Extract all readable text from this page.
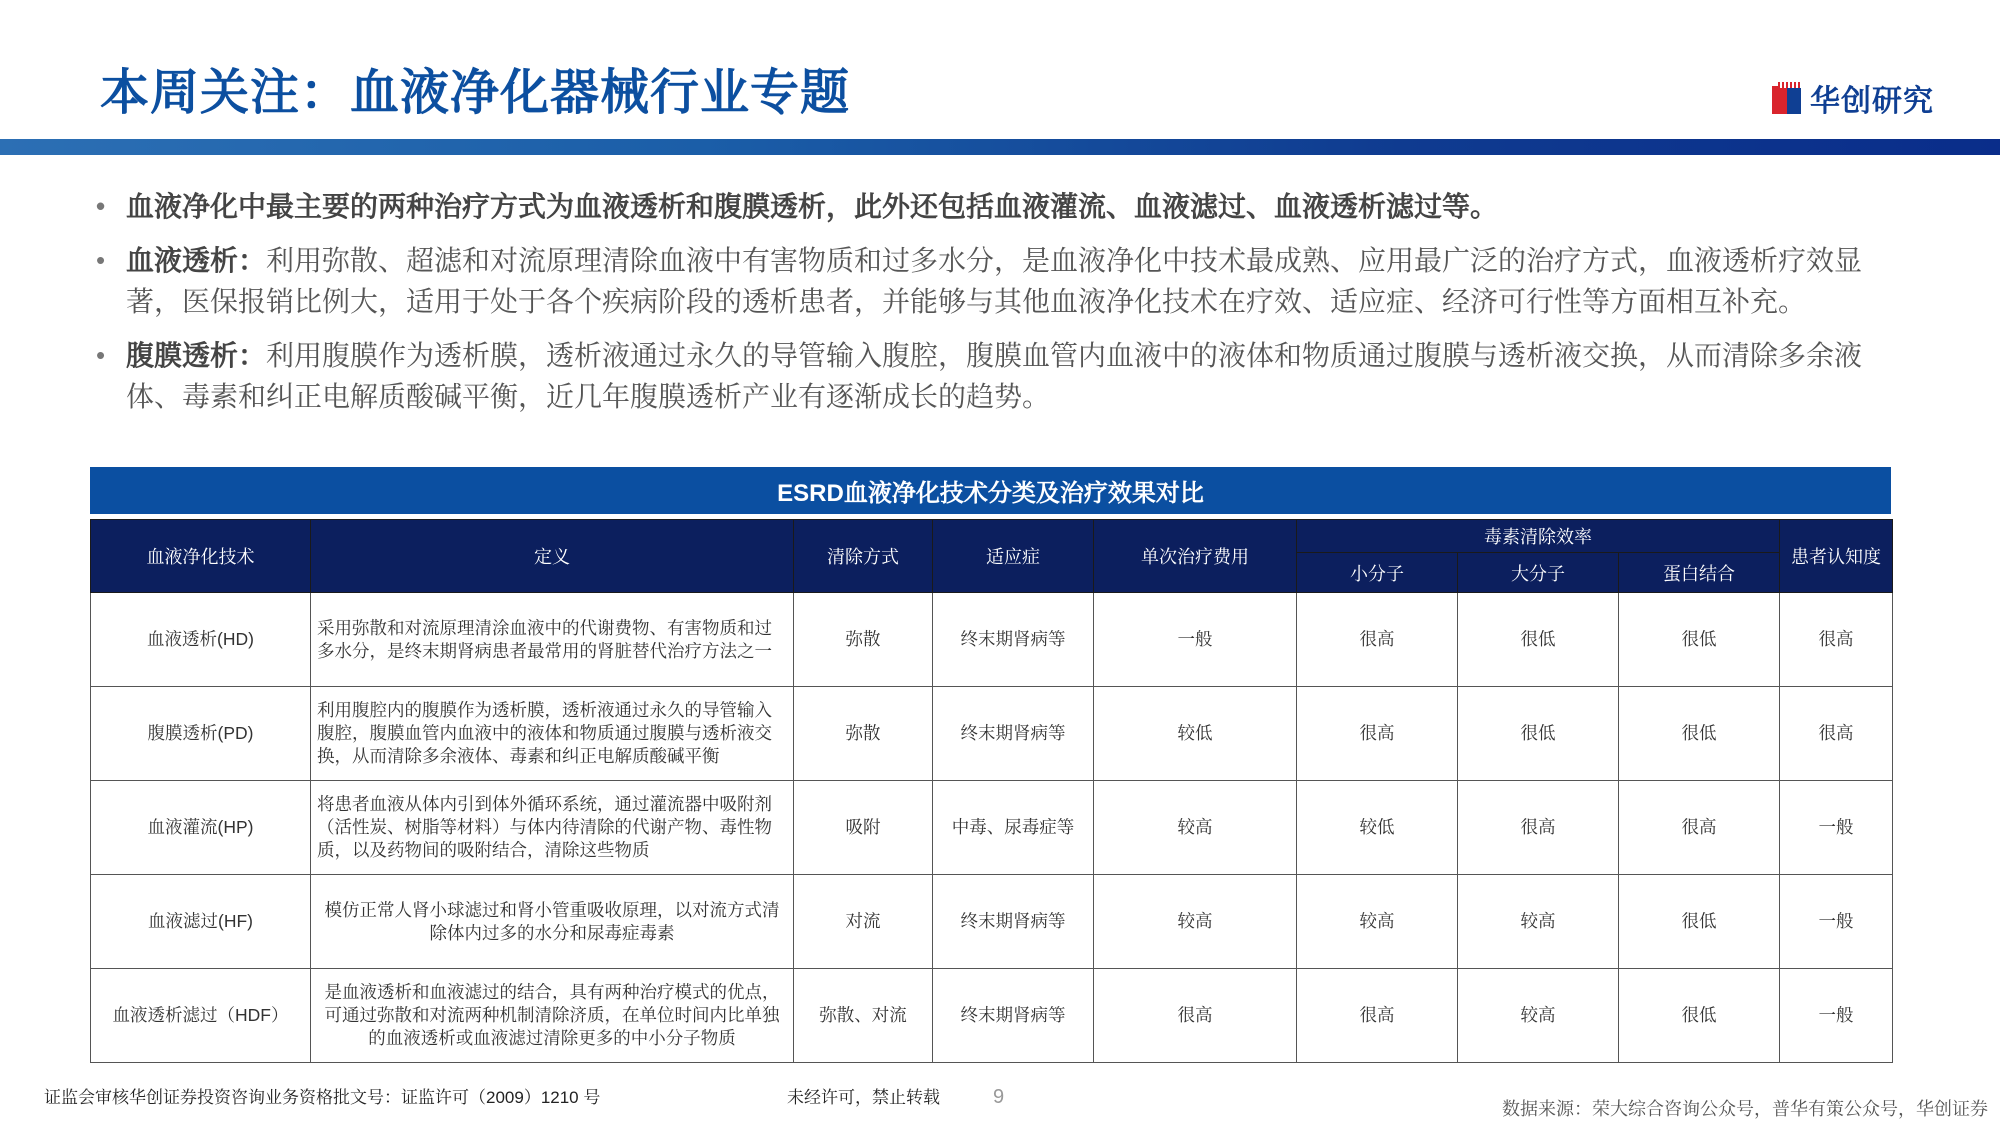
本周关注：血液净化器械行业专题	华创研究
• 血液净化中最主要的两种治疗方式为血液透析和腹膜透析，此外还包括血液灌流、血液滤过、血液透析滤过等。
• 血液透析：利用弥散、超滤和对流原理清除血液中有害物质和过多水分，是血液净化中技术最成熟、应用最广泛的治疗方式，血液透析疗效显著，医保报销比例大，适用于处于各个疾病阶段的透析患者，并能够与其他血液净化技术在疗效、适应症、经济可行性等方面相互补充。
• 腹膜透析：利用腹膜作为透析膜，透析液通过永久的导管输入腹腔，腹膜血管内血液中的液体和物质通过腹膜与透析液交换，从而清除多余液体、毒素和纠正电解质酸碱平衡，近几年腹膜透析产业有逐渐成长的趋势。
ESRD血液净化技术分类及治疗效果对比
血液净化技术	定义	清除方式	适应症	单次治疗费用	毒素清除效率			患者认知度
					小分子	大分子	蛋白结合	
血液透析(HD)	采用弥散和对流原理清涂血液中的代谢费物、有害物质和过多水分，是终末期肾病患者最常用的肾脏替代治疗方法之一	弥散	终末期肾病等	一般	很高	很低	很低	很高
腹膜透析(PD)	利用腹腔内的腹膜作为透析膜，透析液通过永久的导管输入腹腔，腹膜血管内血液中的液体和物质通过腹膜与透析液交换，从而清除多余液体、毒素和纠正电解质酸碱平衡	弥散	终末期肾病等	较低	很高	很低	很低	很高
血液灌流(HP)	将患者血液从体内引到体外循环系统，通过灌流器中吸附剂（活性炭、树脂等材料）与体内待清除的代谢产物、毒性物质，以及药物间的吸附结合，清除这些物质	吸附	中毒、尿毒症等	较高	较低	很高	很高	一般
血液滤过(HF)	模仿正常人肾小球滤过和肾小管重吸收原理，以对流方式清除体内过多的水分和尿毒症毒素	对流	终末期肾病等	较高	较高	较高	很低	一般
血液透析滤过（HDF）	是血液透析和血液滤过的结合，具有两种治疗模式的优点，可通过弥散和对流两种机制清除济质，在单位时间内比单独的血液透析或血液滤过清除更多的中小分子物质	弥散、对流	终末期肾病等	很高	很高	较高	很低	一般
证监会审核华创证券投资咨询业务资格批文号：证监许可（2009）1210 号	未经许可，禁止转载	9
数据来源：荣大综合咨询公众号，普华有策公众号，华创证券
